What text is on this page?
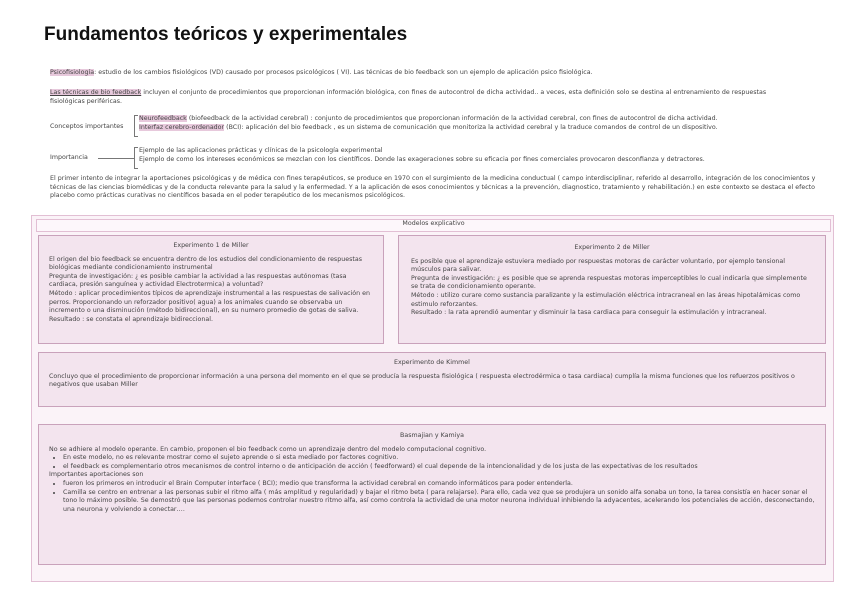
Fundamentos teóricos y experimentales
Psicofisiología: estudio de los cambios fisiológicos (VD) causado por procesos psicológicos ( VI). Las técnicas de bio feedback son un ejemplo de aplicación psico fisiológica.
Las técnicas de bio feedback incluyen el conjunto de procedimientos que proporcionan información biológica, con fines de autocontrol de dicha actividad.. a veces, esta definición solo se destina al entrenamiento de respuestas fisiológicas periféricas.
Conceptos importantes
Neurofeedback (biofeedback de la actividad cerebral) : conjunto de procedimientos que proporcionan información de la actividad cerebral, con fines de autocontrol de dicha actividad.
Interfaz cerebro-ordenador (BCI): aplicación del bio feedback , es un sistema de comunicación que monitoriza la actividad cerebral y la traduce comandos de control de un dispositivo.
Importancia
Ejemplo de las aplicaciones prácticas y clínicas de la psicología experimental
Ejemplo de como los intereses económicos se mezclan con los científicos. Donde las exageraciones sobre su eficacia por fines comerciales provocaron desconfianza y detractores.
El primer intento de integrar la aportaciones psicológicas y de médica con fines terapéuticos, se produce en 1970 con el surgimiento de la medicina conductual ( campo interdisciplinar, referido al desarrollo, integración de los conocimientos y técnicas de las ciencias biomédicas y de la conducta relevante para la salud y la enfermedad. Y a la aplicación de esos conocimientos y técnicas a la prevención, diagnostico, tratamiento y rehabilitación.) en este contexto se destaca el efecto placebo como prácticas curativas no científicos basada en el poder terapéutico de los mecanismos psicológicos.
Modelos explicativo
Experimento 1 de Miller
El origen del bio feedback se encuentra dentro de los estudios del condicionamiento de respuestas biológicas mediante condicionamiento instrumental
Pregunta de investigación: ¿ es posible cambiar la actividad a las respuestas autónomas (tasa cardiaca, presión sanguínea y actividad Electrotermica) a voluntad?
Método : aplicar procedimientos típicos de aprendizaje instrumental a las respuestas de salivación en perros. Proporcionando un reforzador positivo( agua) a los animales cuando se observaba un incremento o una disminución (método bidireccional), en su numero promedio de gotas de saliva.
Resultado : se constata el aprendizaje bidireccional.
Experimento 2 de Miller
Es posible que el aprendizaje estuviera mediado por respuestas motoras de carácter voluntario, por ejemplo tensional músculos para salivar.
Pregunta de investigación: ¿ es posible que se aprenda respuestas motoras imperceptibles lo cual indicaría que simplemente se trata de condicionamiento operante.
Método : utilizo curare como sustancia paralizante y la estimulación eléctrica intracraneal en las áreas hipotalámicas como estimulo reforzantes.
Resultado : la rata aprendió aumentar y disminuir la tasa cardiaca para conseguir la estimulación y intracraneal.
Experimento de Kimmel
Concluyo que el procedimiento de proporcionar información a una persona del momento en el que se producía la respuesta fisiológica ( respuesta electrodérmica o tasa cardiaca) cumplía la misma funciones que los refuerzos positivos o negativos que usaban Miller
Basmajian y Kamiya
No se adhiere al modelo operante. En cambio, proponen el bio feedback como un aprendizaje dentro del modelo computacional cognitivo.
• En este modelo, no es relevante mostrar como el sujeto aprende o si esta mediado por factores cognitivo.
• el feedback es complementario otros mecanismos de control interno o de anticipación de acción ( feedforward) el cual depende de la intencionalidad y de los justa de las expectativas de los resultados
Importantes aportaciones son
• fueron los primeros en introducir el Brain Computer interface ( BCI); medio que transforma la actividad cerebral en comando informáticos para poder entenderla.
• Camilla se centro en entrenar a las personas subir el ritmo alfa ( más amplitud y regularidad) y bajar el ritmo beta ( para relajarse). Para ello, cada vez que se produjera un sonido alfa sonaba un tono, la tarea consistía en hacer sonar el tono lo máximo posible. Se demostró que las personas podemos controlar nuestro ritmo alfa, así como controla la actividad de una motor neurona individual inhibiendo la adyacentes, acelerando los potenciales de acción, desconectando, una neurona y volviendo a conectar….
